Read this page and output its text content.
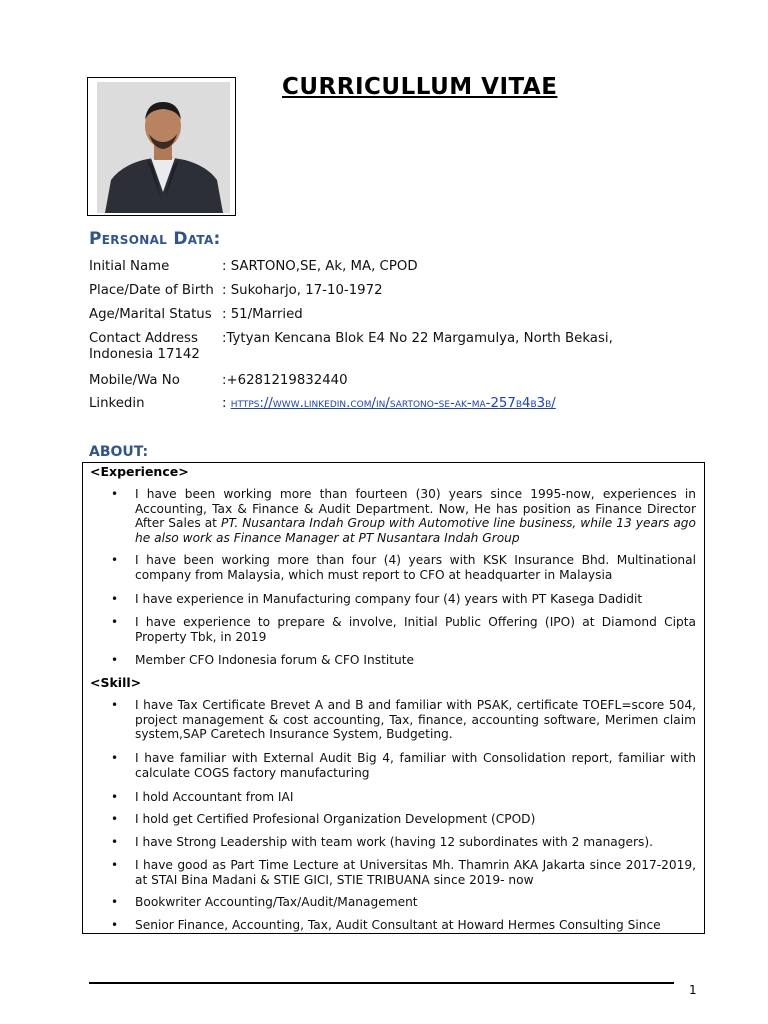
CURRICULLUM VITAE
Personal Data:
Initial Name	: SARTONO,SE, Ak, MA, CPOD
Place/Date of Birth : Sukoharjo, 17-10-1972
Age/Marital Status : 51/Married
Contact Address :Tytyan Kencana Blok E4 No 22 Margamulya, North Bekasi,
Indonesia 17142
Mobile/Wa No	:+6281219832440
Linkedin	: https://www.linkedin.com/in/sartono-se-ak-ma-257b4b3b/
ABOUT:
<Experience>
• I have been working more than fourteen (30) years since 1995-now, experiences in Accounting, Tax & Finance & Audit Department. Now, He has position as Finance Director After Sales at PT. Nusantara Indah Group with Automotive line business, while 13 years ago he also work as Finance Manager at PT Nusantara Indah Group
• I have been working more than four (4) years with KSK Insurance Bhd. Multinational company from Malaysia, which must report to CFO at headquarter in Malaysia
• I have experience in Manufacturing company four (4) years with PT Kasega Dadidit
• I have experience to prepare & involve, Initial Public Offering (IPO) at Diamond Cipta Property Tbk, in 2019
• Member CFO Indonesia forum & CFO Institute
<Skill>
• I have Tax Certificate Brevet A and B and familiar with PSAK, certificate TOEFL=score 504, project management & cost accounting, Tax, finance, accounting software, Merimen claim system,SAP Caretech Insurance System, Budgeting.
• I have familiar with External Audit Big 4, familiar with Consolidation report, familiar with calculate COGS factory manufacturing
• I hold Accountant from IAI
• I hold get Certified Profesional Organization Development (CPOD)
• I have Strong Leadership with team work (having 12 subordinates with 2 managers).
• I have good as Part Time Lecture at Universitas Mh. Thamrin AKA Jakarta since 2017-2019, at STAI Bina Madani & STIE GICI, STIE TRIBUANA since 2019- now
• Bookwriter Accounting/Tax/Audit/Management
• Senior Finance, Accounting, Tax, Audit Consultant at Howard Hermes Consulting Since
1
